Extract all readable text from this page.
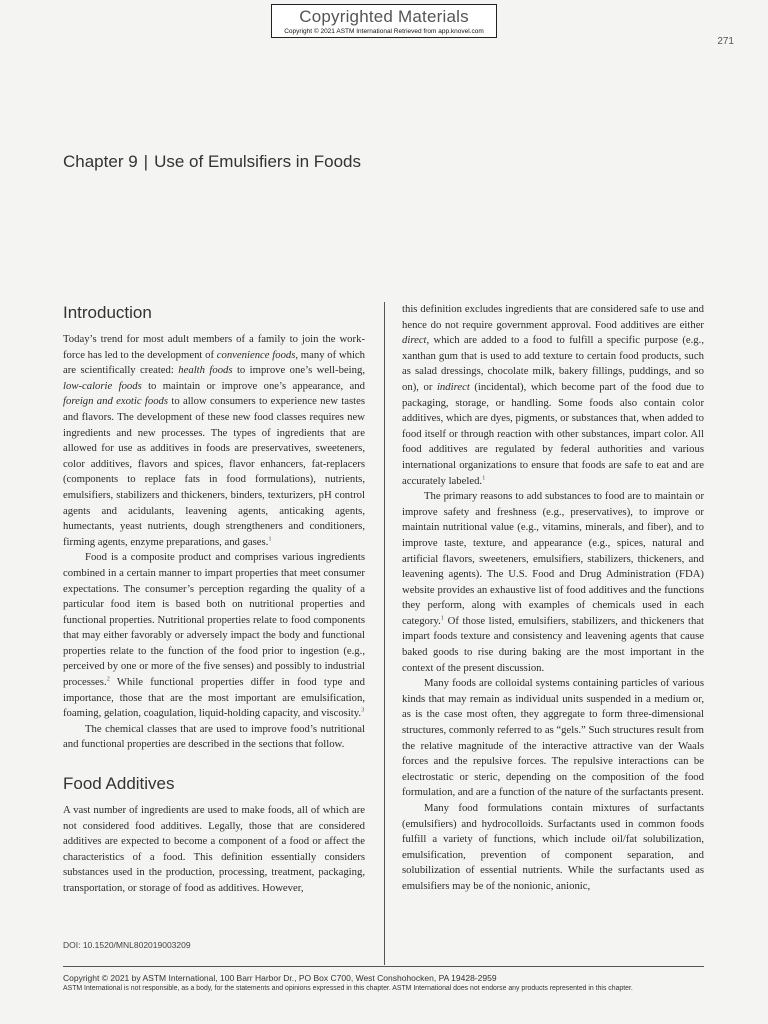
Copyrighted Materials
Copyright © 2021 ASTM International Retrieved from app.knovel.com
271
Chapter 9 | Use of Emulsifiers in Foods
Introduction

Today’s trend for most adult members of a family to join the workforce has led to the development of convenience foods, many of which are scientifically created: health foods to improve one’s well-being, low-calorie foods to maintain or improve one’s appearance, and foreign and exotic foods to allow consumers to experience new tastes and flavors. The development of these new food classes requires new ingredients and new processes. The types of ingredients that are allowed for use as additives in foods are preservatives, sweeteners, color additives, flavors and spices, flavor enhancers, fat-replacers (components to replace fats in food formulations), nutrients, emulsifiers, stabilizers and thickeners, binders, texturizers, pH control agents and acidulants, leavening agents, anticaking agents, humectants, yeast nutrients, dough strengtheners and conditioners, firming agents, enzyme preparations, and gases.$^1$

Food is a composite product and comprises various ingredients combined in a certain manner to impart properties that meet consumer expectations. The consumer’s perception regarding the quality of a particular food item is based both on nutritional properties and functional properties. Nutritional properties relate to food components that may either favorably or adversely impact the body and functional properties relate to the function of the food prior to ingestion (e.g., perceived by one or more of the five senses) and possibly to industrial processes.$^2$ While functional properties differ in food type and importance, those that are the most important are emulsification, foaming, gelation, coagulation, liquid-holding capacity, and viscosity.$^3$

The chemical classes that are used to improve food’s nutritional and functional properties are described in the sections that follow.

Food Additives

A vast number of ingredients are used to make foods, all of which are not considered food additives. Legally, those that are considered additives are expected to become a component of a food or affect the characteristics of a food. This definition essentially considers substances used in the production, processing, treatment, packaging, transportation, or storage of food as additives. However,

this definition excludes ingredients that are considered safe to use and hence do not require government approval. Food additives are either direct, which are added to a food to fulfill a specific purpose (e.g., xanthan gum that is used to add texture to certain food products, such as salad dressings, chocolate milk, bakery fillings, puddings, and so on), or indirect (incidental), which become part of the food due to packaging, storage, or handling. Some foods also contain color additives, which are dyes, pigments, or substances that, when added to food itself or through reaction with other substances, impart color. All food additives are regulated by federal authorities and various international organizations to ensure that foods are safe to eat and are accurately labeled.$^1$

The primary reasons to add substances to food are to maintain or improve safety and freshness (e.g., preservatives), to improve or maintain nutritional value (e.g., vitamins, minerals, and fiber), and to improve taste, texture, and appearance (e.g., spices, natural and artificial flavors, sweeteners, emulsifiers, stabilizers, thickeners, and leavening agents). The U.S. Food and Drug Administration (FDA) website provides an exhaustive list of food additives and the functions they perform, along with examples of chemicals used in each category.$^1$ Of those listed, emulsifiers, stabilizers, and thickeners that impart foods texture and consistency and leavening agents that cause baked goods to rise during baking are the most important in the context of the present discussion.

Many foods are colloidal systems containing particles of various kinds that may remain as individual units suspended in a medium or, as is the case most often, they aggregate to form three-dimensional structures, commonly referred to as “gels.” Such structures result from the relative magnitude of the interactive attractive van der Waals forces and the repulsive forces. The repulsive interactions can be electrostatic or steric, depending on the composition of the food formulation, and are a function of the nature of the surfactants present.

Many food formulations contain mixtures of surfactants (emulsifiers) and hydrocolloids. Surfactants used in common foods fulfill a variety of functions, which include oil/fat solubilization, emulsification, prevention of component separation, and solubilization of essential nutrients. While the surfactants used as emulsifiers may be of the nonionic, anionic,

DOI: 10.1520/MNL802019003209
Copyright © 2021 by ASTM International, 100 Barr Harbor Dr., PO Box C700, West Conshohocken, PA 19428-2959
ASTM International is not responsible, as a body, for the statements and opinions expressed in this chapter. ASTM International does not endorse any products represented in this chapter.
